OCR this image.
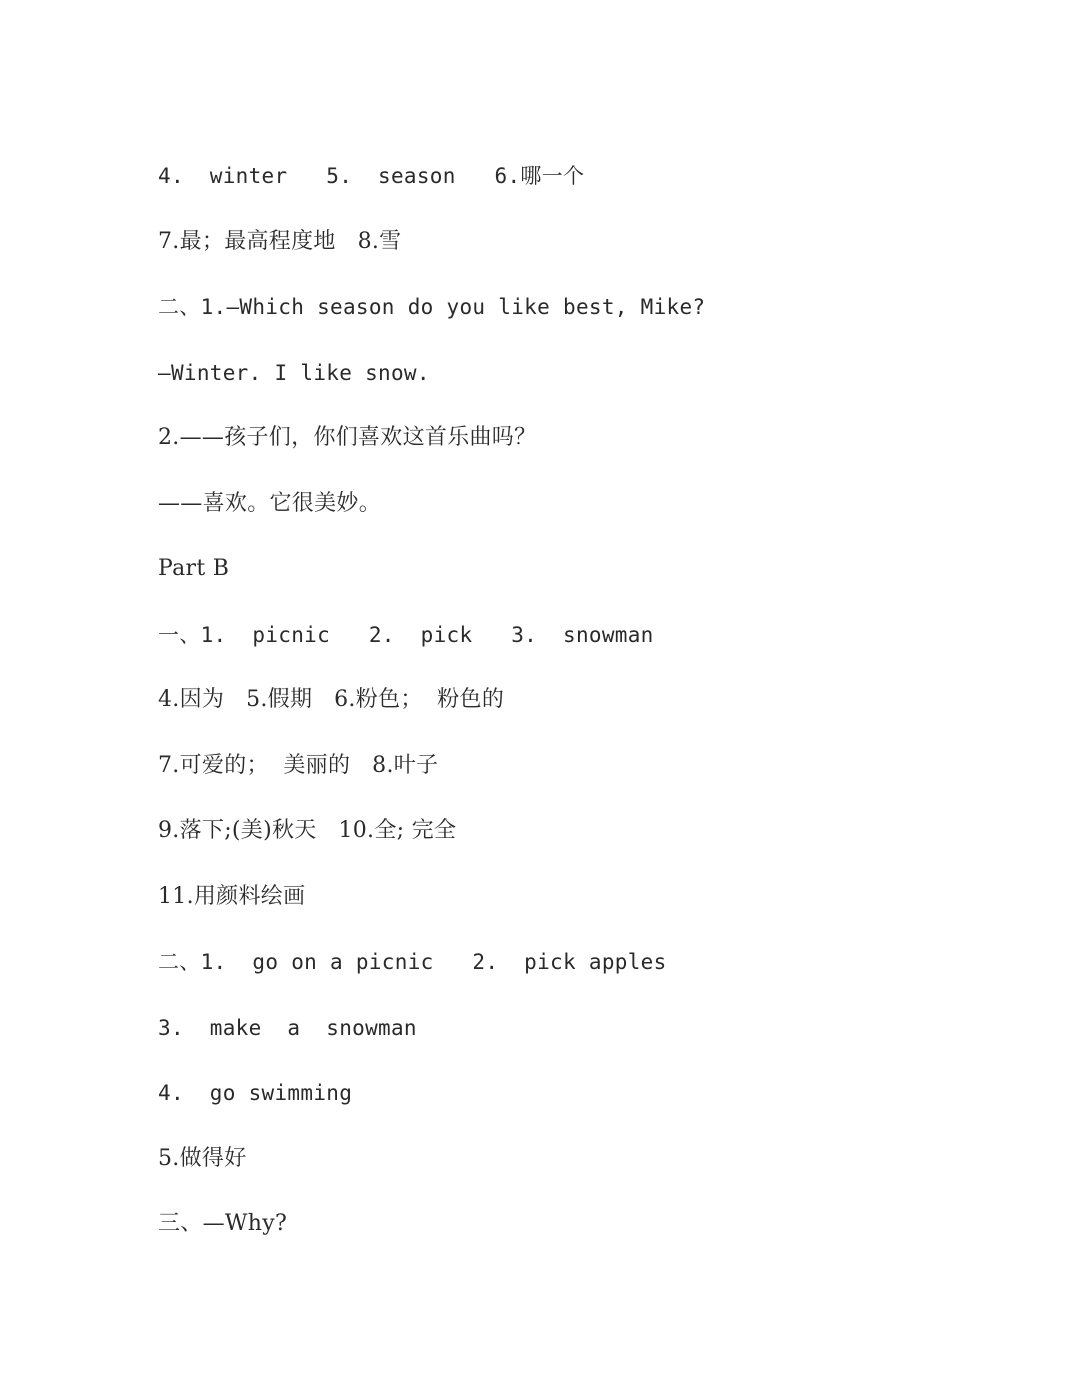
4.  winter   5.  season   6.哪一个
7.最；最高程度地   8.雪
二、1.—Which season do you like best, Mike?
—Winter. I like snow.
2.——孩子们，你们喜欢这首乐曲吗？
——喜欢。它很美妙。
Part B
一、1.  picnic   2.  pick   3.  snowman
4.因为   5.假期   6.粉色；  粉色的
7.可爱的；  美丽的   8.叶子
9.落下;(美)秋天   10.全; 完全
11.用颜料绘画
二、1.  go on a picnic   2.  pick apples
3.  make  a  snowman
4.  go swimming
5.做得好
三、—Why?
